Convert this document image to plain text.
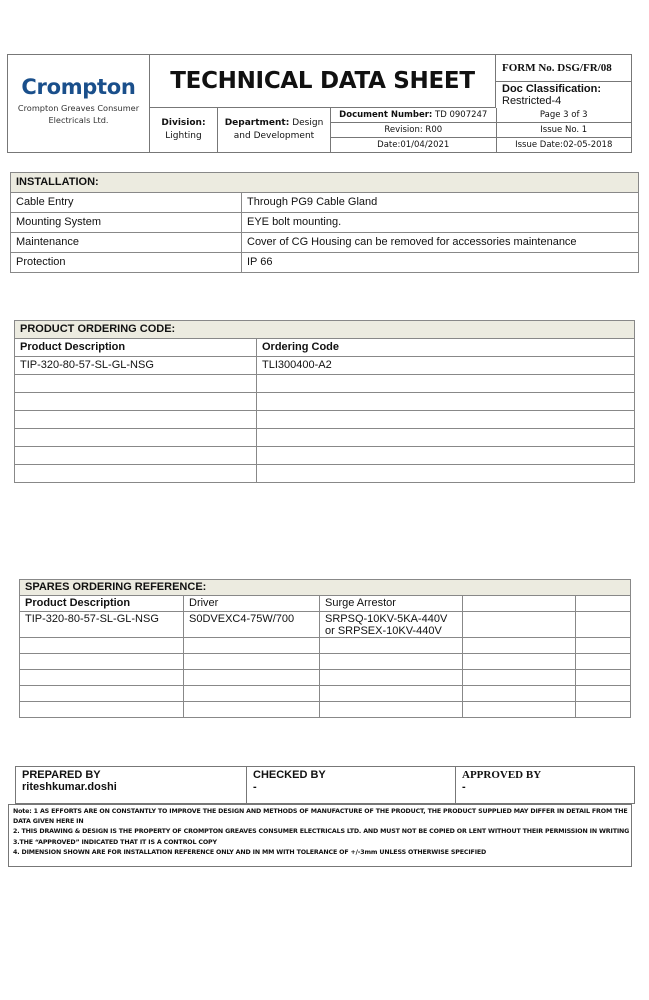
Crompton
Crompton Greaves Consumer Electricals Ltd.
TECHNICAL DATA SHEET	FORM No. DSG/FR/08
Doc Classification:
Restricted-4
Division:
Lighting
Department: Design and Development
Document Number: TD 0907247	Page 3 of 3
Revision: R00	Issue No. 1
Date:01/04/2021	Issue Date:02-05-2018
INSTALLATION:	
Cable Entry	Through PG9 Cable Gland
Mounting System	EYE bolt mounting.
Maintenance	Cover of CG Housing can be removed for accessories maintenance
Protection	IP 66
PRODUCT ORDERING CODE:	
Product Description	Ordering Code
TIP-320-80-57-SL-GL-NSG	TLI300400-A2

SPARES ORDERING REFERENCE:				
Product Description	Driver	Surge Arrestor		
TIP-320-80-57-SL-GL-NSG	S0DVEXC4-75W/700	SRPSQ-10KV-5KA-440V
or SRPSEX-10KV-440V		

PREPARED BY
riteshkumar.doshi
CHECKED BY
-
APPROVED BY
-
Note: 1 AS EFFORTS ARE ON CONSTANTLY TO IMPROVE THE DESIGN AND METHODS OF MANUFACTURE OF THE PRODUCT, THE PRODUCT SUPPLIED MAY DIFFER IN DETAIL FROM THE DATA GIVEN HERE IN
2. THIS DRAWING & DESIGN IS THE PROPERTY OF CROMPTON GREAVES CONSUMER ELECTRICALS LTD. AND MUST NOT BE COPIED OR LENT WITHOUT THEIR PERMISSION IN WRITING
3.THE “APPROVED” INDICATED THAT IT IS A CONTROL COPY
4. DIMENSION SHOWN ARE FOR INSTALLATION REFERENCE ONLY AND IN MM WITH TOLERANCE OF +/-3mm UNLESS OTHERWISE SPECIFIED
